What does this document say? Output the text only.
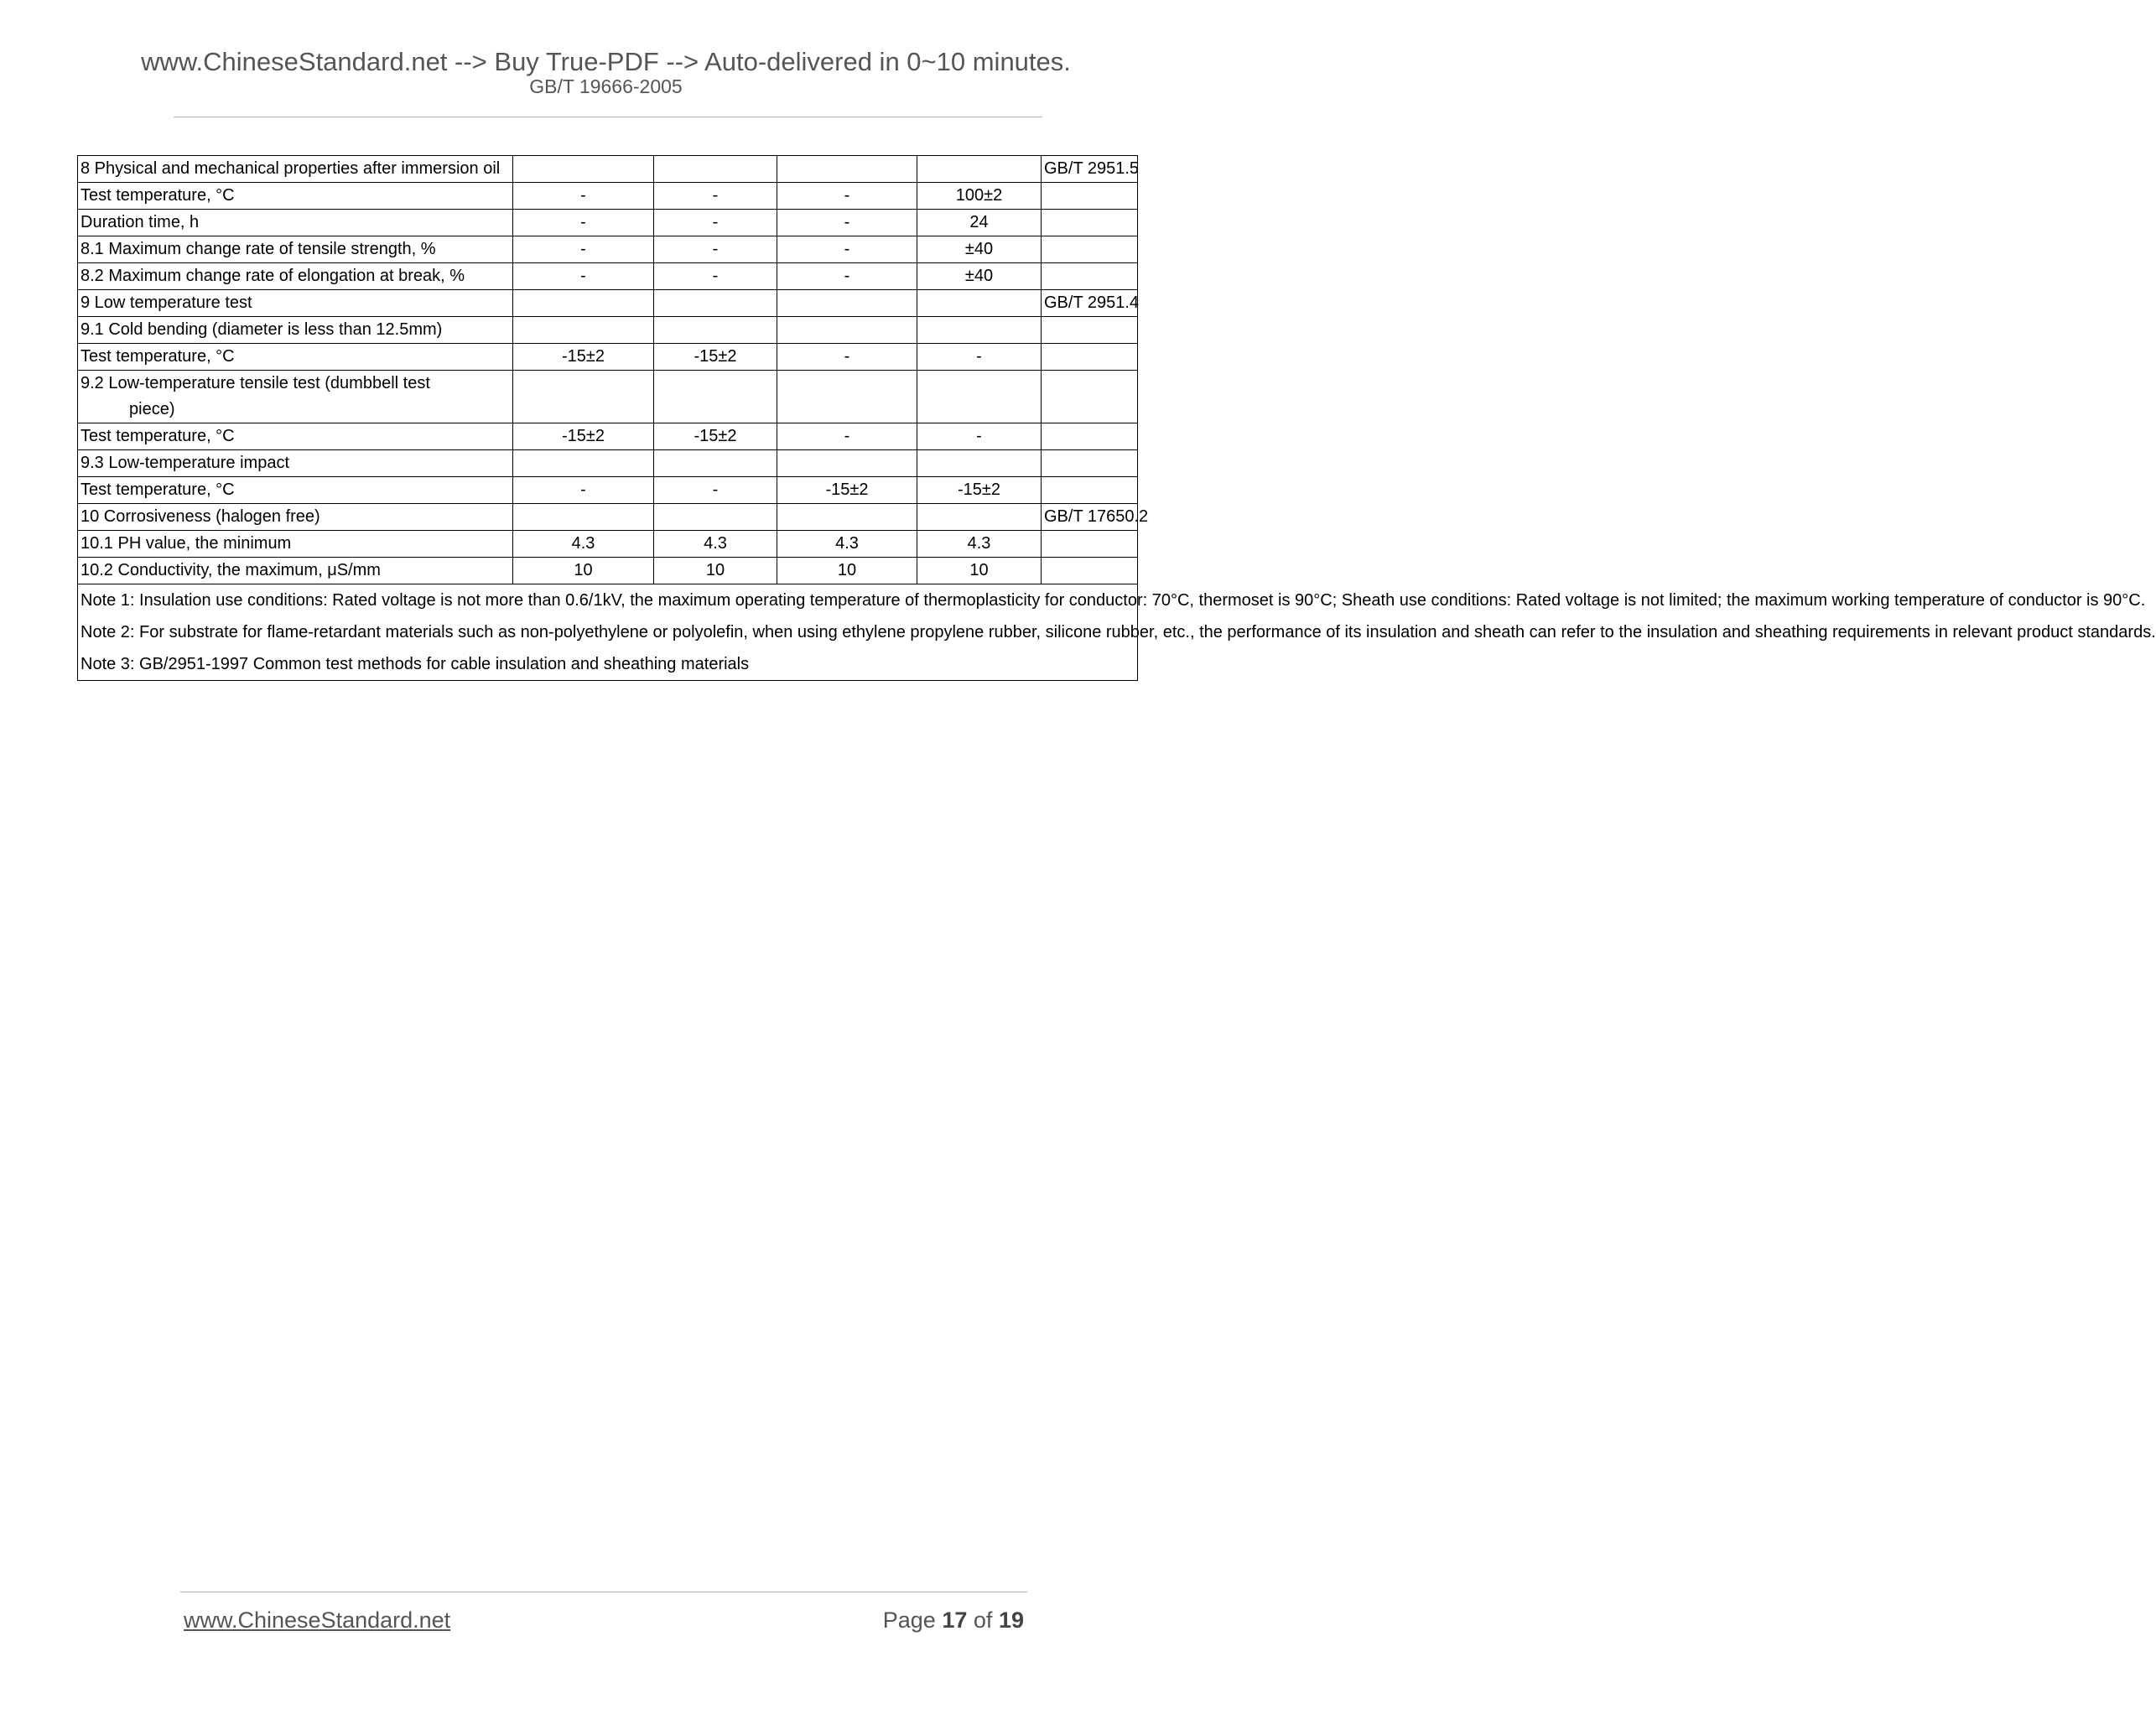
www.ChineseStandard.net --> Buy True-PDF --> Auto-delivered in 0~10 minutes.
GB/T 19666-2005
8 Physical and mechanical properties after immersion oil					GB/T 2951.5
Test temperature, °C	-	-	-	100±2	
Duration time, h	-	-	-	24	
8.1 Maximum change rate of tensile strength, %	-	-	-	±40	
8.2 Maximum change rate of elongation at break, %	-	-	-	±40	
9 Low temperature test					GB/T 2951.4
9.1 Cold bending (diameter is less than 12.5mm)					
Test temperature, °C	-15±2	-15±2	-	-	
9.2 Low-temperature tensile test (dumbbell test
piece)					

Test temperature, °C	-15±2	-15±2	-	-	
9.3 Low-temperature impact					
Test temperature, °C	-	-	-15±2	-15±2	
10 Corrosiveness (halogen free)					GB/T 17650.2
10.1 PH value, the minimum	4.3	4.3	4.3	4.3	
10.2 Conductivity, the maximum, μS/mm	10	10	10	10	

Note 1: Insulation use conditions: Rated voltage is not more than 0.6/1kV, the maximum operating temperature of thermoplasticity for conductor: 70°C, thermoset is 90°C; Sheath use conditions: Rated voltage is not limited; the maximum working temperature of conductor is 90°C.
Note 2: For substrate for flame-retardant materials such as non-polyethylene or polyolefin, when using ethylene propylene rubber, silicone rubber, etc., the performance of its insulation and sheath can refer to the insulation and sheathing requirements in relevant product standards.
Note 3: GB/2951-1997 Common test methods for cable insulation and sheathing materials					
www.ChineseStandard.net	Page 17 of 19
